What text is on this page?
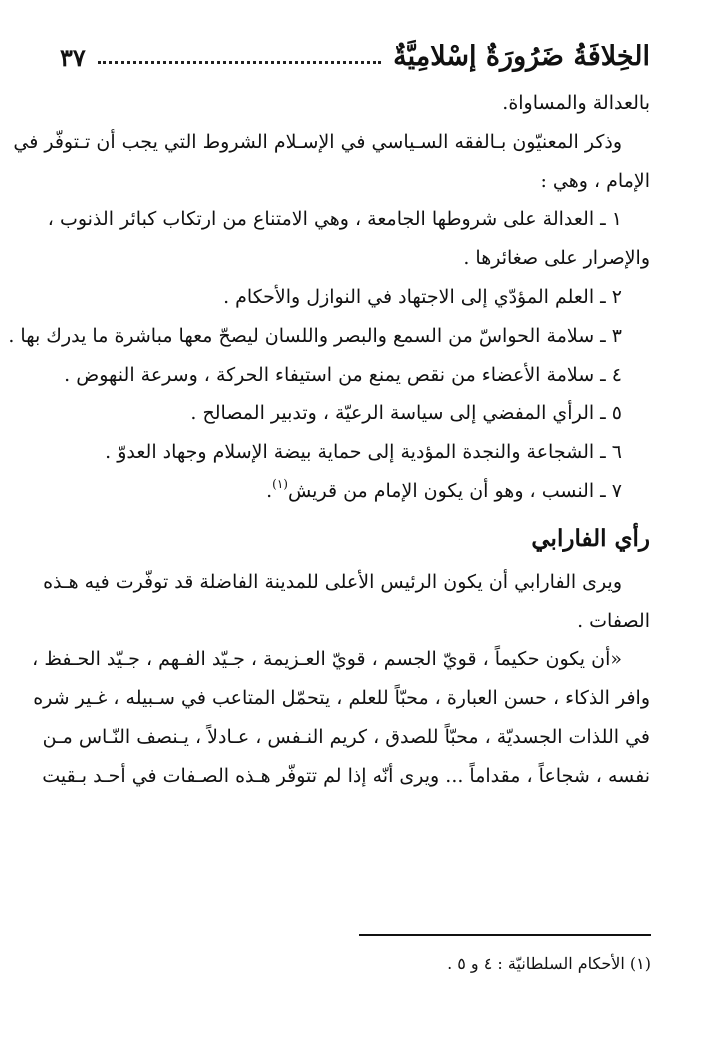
الخِلافَةُ ضَرُورَةٌ إسْلامِيَّةٌ
٣٧
بالعدالة والمساواة.
وذكر المعنيّون بـالفقه السـياسي في الإسـلام الشروط التي يجب أن تـتوفّر في
الإمام ، وهي :
١ ـ العدالة على شروطها الجامعة ، وهي الامتناع من ارتكاب كبائر الذنوب ،
والإصرار على صغائرها .
٢ ـ العلم المؤدّي إلى الاجتهاد في النوازل والأحكام .
٣ ـ سلامة الحواسّ من السمع والبصر واللسان ليصحّ معها مباشرة ما يدرك بها .
٤ ـ سلامة الأعضاء من نقص يمنع من استيفاء الحركة ، وسرعة النهوض .
٥ ـ الرأي المفضي إلى سياسة الرعيّة ، وتدبير المصالح .
٦ ـ الشجاعة والنجدة المؤدية إلى حماية بيضة الإسلام وجهاد العدوّ .
٧ ـ النسب ، وهو أن يكون الإمام من قريش$^{(١)}$.
رأي الفارابي
ويرى الفارابي أن يكون الرئيس الأعلى للمدينة الفاضلة قد توفّرت فيه هـذه
الصفات .
«أن يكون حكيماً ، قويّ الجسم ، قويّ العـزيمة ، جـيّد الفـهم ، جـيّد الحـفظ ،
وافر الذكاء ، حسن العبارة ، محبّاً للعلم ، يتحمّل المتاعب في سـبيله ، غـير شره
في اللذات الجسديّة ، محبّاً للصدق ، كريم النـفس ، عـادلاً ، يـنصف النّـاس مـن
نفسه ، شجاعاً ، مقداماً ... ويرى أنّه إذا لم تتوفّر هـذه الصـفات في أحـد بـقيت
(١) الأحكام السلطانيّة : ٤ و ٥ .
